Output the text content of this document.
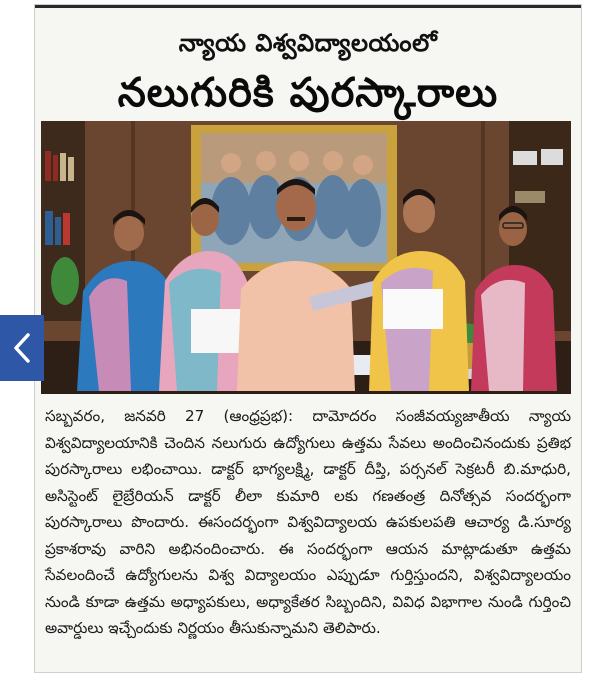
న్యాయ విశ్వవిద్యాలయంలో
నలుగురికి పురస్కారాలు

సబ్బవరం, జనవరి 27 (ఆంధ్రప్రభ): దామోదరం సంజీవయ్యజాతీయ న్యాయ విశ్వవిద్యాలయానికి చెందిన నలుగురు ఉద్యోగులు ఉత్తమ సేవలు అందించినందుకు ప్రతిభ పురస్కారాలు లభించాయి. డాక్టర్ భాగ్యలక్ష్మి, డాక్టర్ దీప్తి, పర్సనల్ సెక్రటరీ బి.మాధురి, అసిస్టెంట్ లైబ్రేరియన్ డాక్టర్ లీలా కుమారి లకు గణతంత్ర దినోత్సవ సందర్భంగా పురస్కారాలు పొందారు. ఈసందర్భంగా విశ్వవిద్యాలయ ఉపకులపతి ఆచార్య డి.సూర్య ప్రకాశరావు వారిని అభినందించారు. ఈ సందర్భంగా ఆయన మాట్లాడుతూ ఉత్తమ సేవలందించే ఉద్యోగులను విశ్వ విద్యాలయం ఎప్పుడూ గుర్తిస్తుందని, విశ్వవిద్యాలయం నుండి కూడా ఉత్తమ అధ్యాపకులు, అధ్యాకేతర సిబ్బందిని, వివిధ విభాగాల నుండి గుర్తించి అవార్డులు ఇచ్చేందుకు నిర్ణయం తీసుకున్నామని తెలిపారు.
